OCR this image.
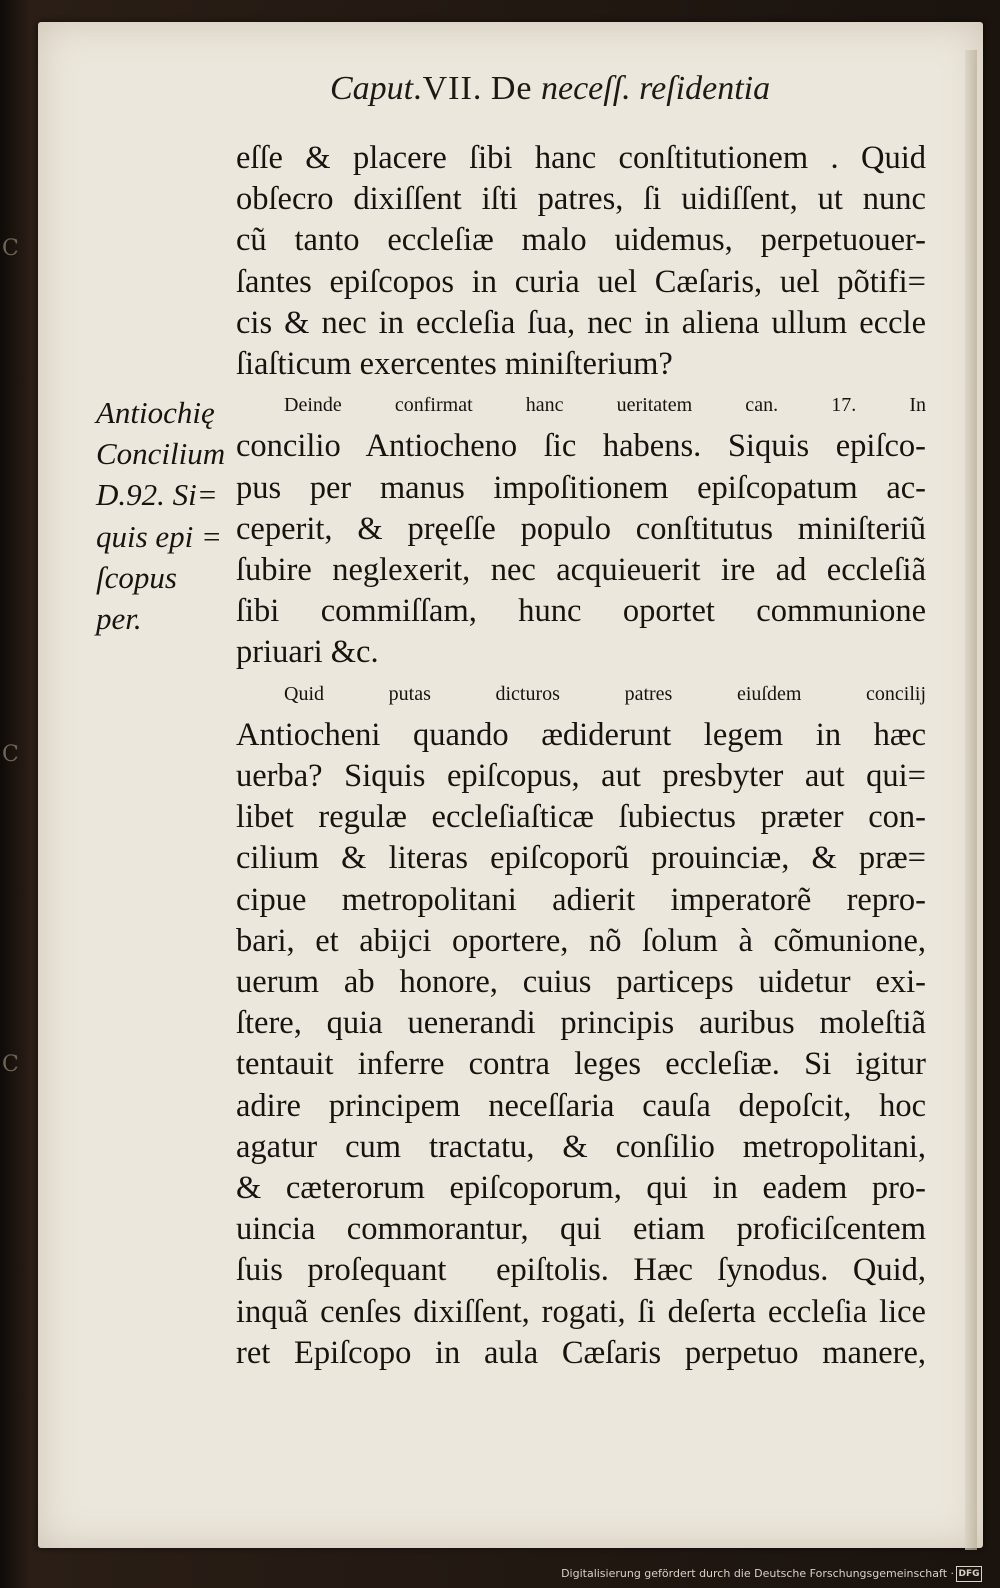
C
C
C
Caput.VII. De neceſſ. reſidentia
Antiochię
Concilium
D.92. Si=
quis epi =
ſcopus
per.
eſſe & placere ſibi hanc conſtitutionem . Quid
obſecro dixiſſent iſti patres, ſi uidiſſent, ut nunc
cũ tanto eccleſiæ malo uidemus, perpetuouer-
ſantes epiſcopos in curia uel Cæſaris, uel põtifi=
cis & nec in eccleſia ſua, nec in aliena ullum eccle
ſiaſticum exercentes miniſterium?
Deinde confirmat hanc ueritatem can. 17. In
concilio Antiocheno ſic habens. Siquis epiſco-
pus per manus impoſitionem epiſcopatum ac-
ceperit, & pręeſſe populo conſtitutus miniſteriũ
ſubire neglexerit, nec acquieuerit ire ad eccleſiã
ſibi commiſſam, hunc oportet communione
priuari &c.
Quid putas dicturos patres eiuſdem concilij
Antiocheni quando ædiderunt legem in hæc
uerba? Siquis epiſcopus, aut presbyter aut qui=
libet regulæ eccleſiaſticæ ſubiectus præter con-
cilium & literas epiſcoporũ prouinciæ, & præ=
cipue metropolitani adierit imperatorẽ repro-
bari, et abijci oportere, nõ ſolum à cõmunione,
uerum ab honore, cuius particeps uidetur exi-
ſtere, quia uenerandi principis auribus moleſtiã
tentauit inferre contra leges eccleſiæ. Si igitur
adire principem neceſſaria cauſa depoſcit, hoc
agatur cum tractatu, & conſilio metropolitani,
& cæterorum epiſcoporum, qui in eadem pro-
uincia commorantur, qui etiam proficiſcentem
ſuis proſequantᷣ epiſtolis. Hæc ſynodus. Quid,
inquã cenſes dixiſſent, rogati, ſi deſerta eccleſia lice
ret Epiſcopo in aula Cæſaris perpetuo manere,
Digitalisierung gefördert durch die Deutsche Forschungsgemeinschaft · DFG
